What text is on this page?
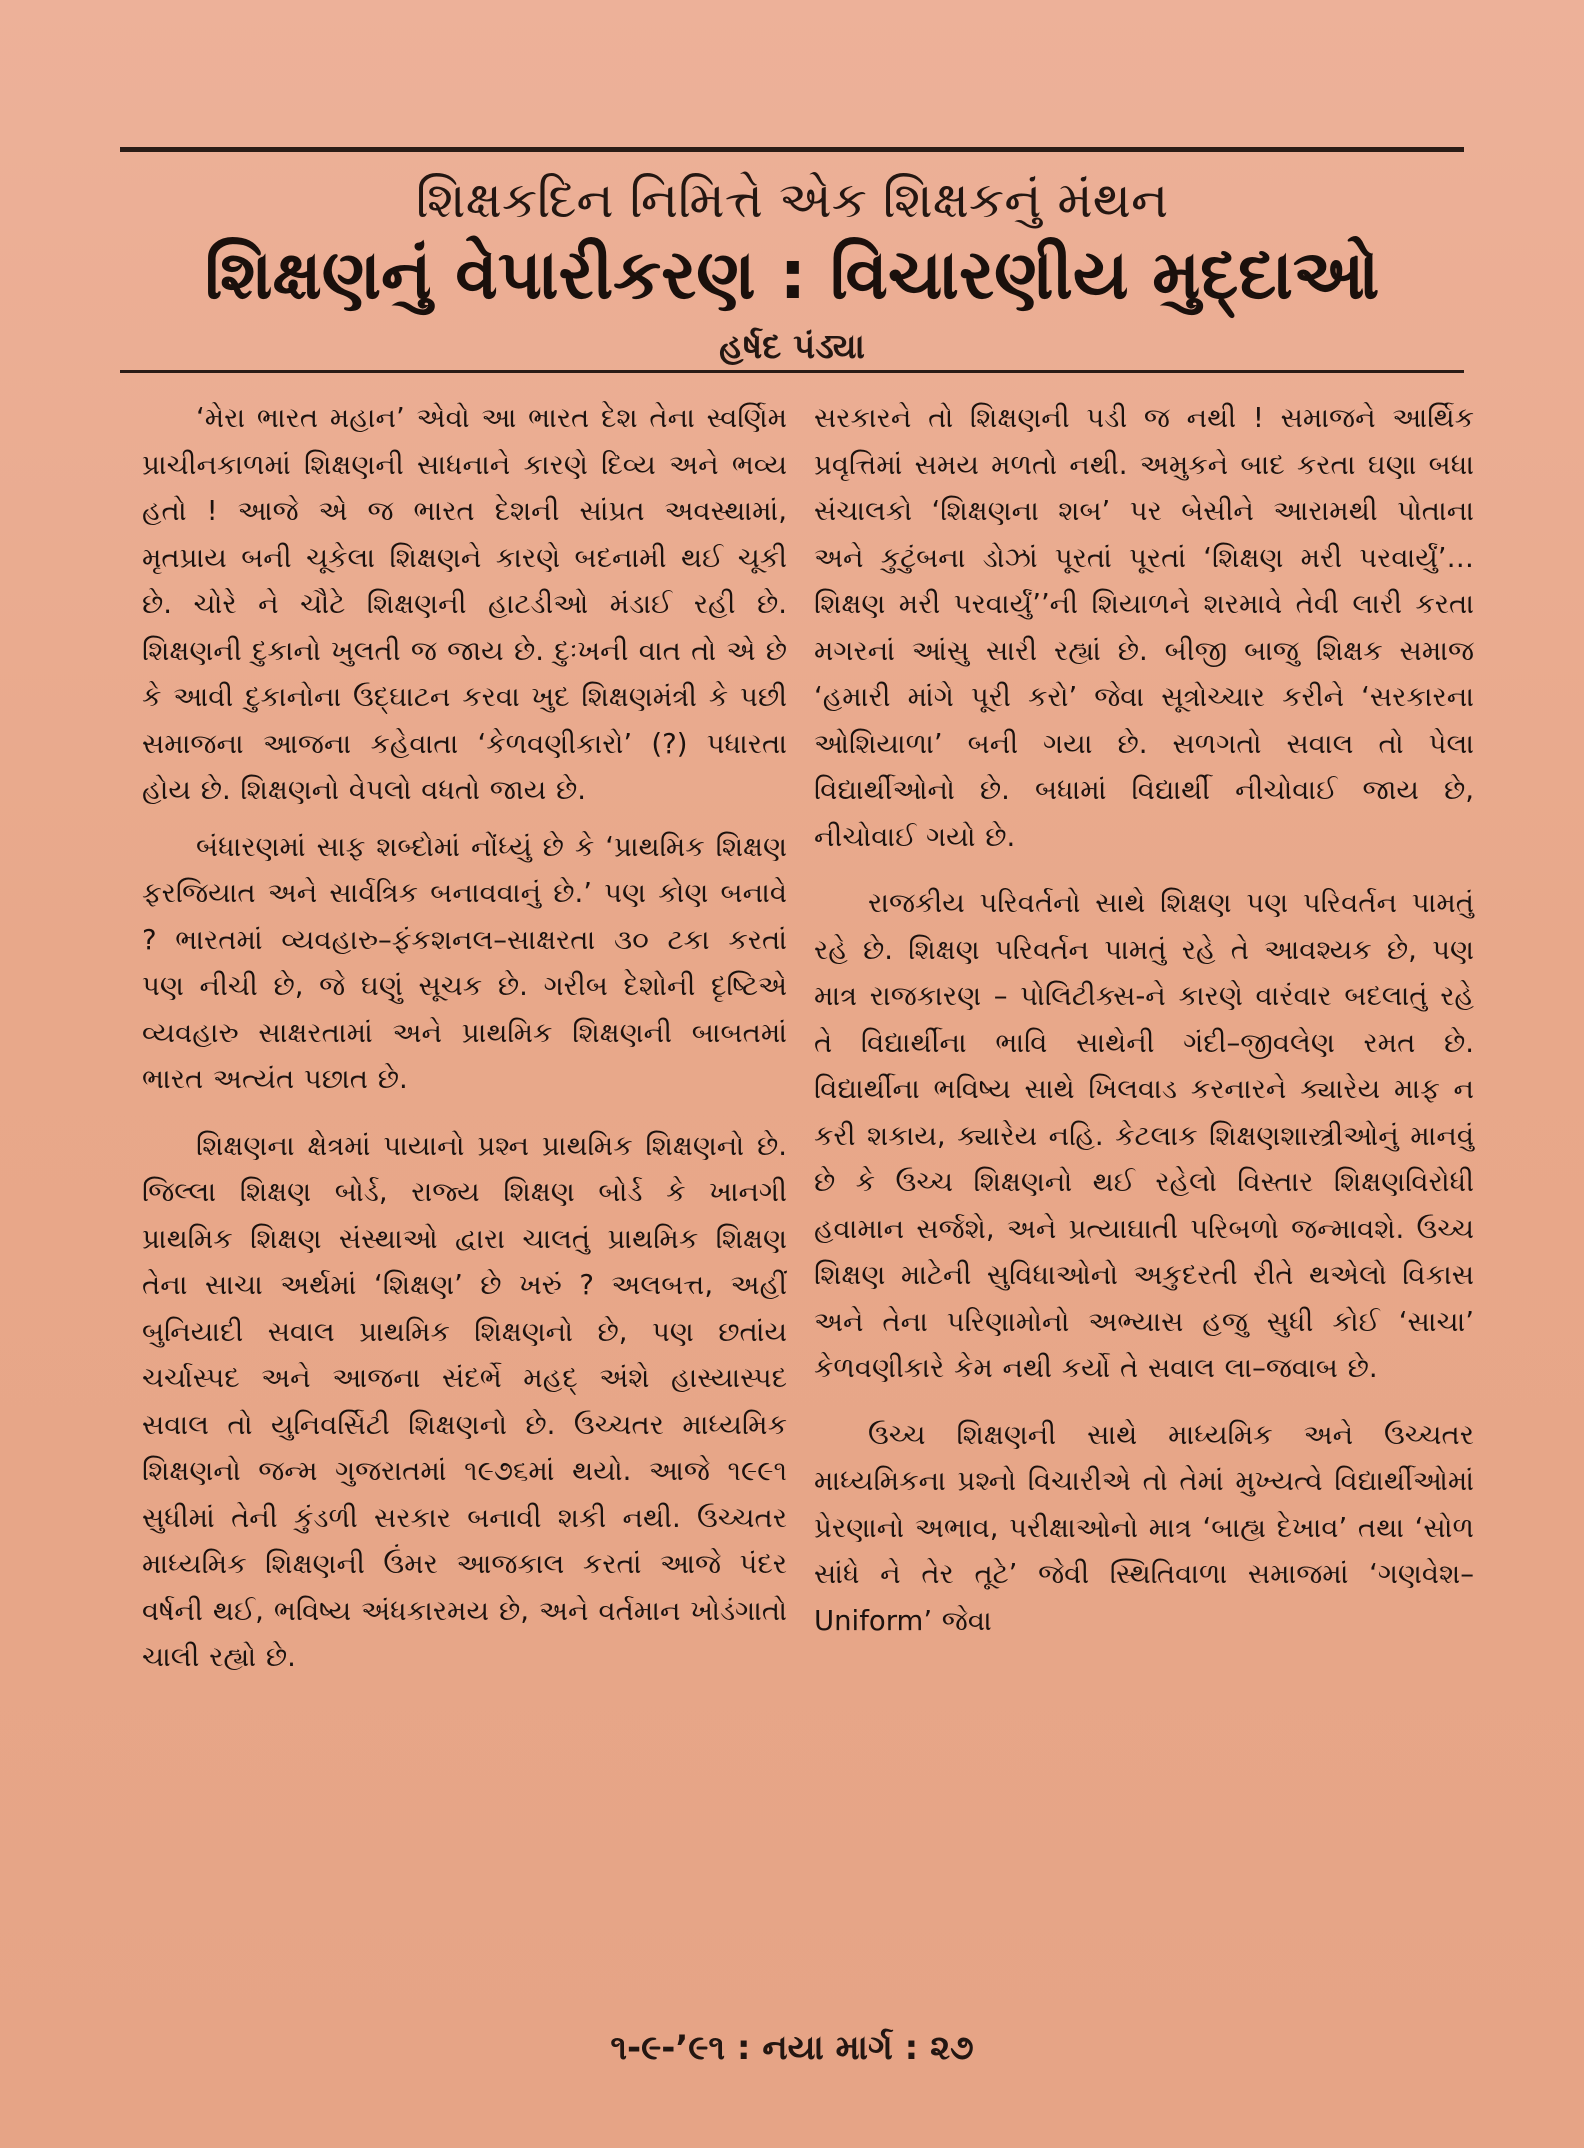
શિક્ષકદિન નિમિત્તે એક શિક્ષકનું મંથન
શિક્ષણનું વેપારીકરણ : વિચારણીય મુદ્દાઓ
હર્ષદ પંડ્યા

‘મેરા ભારત મહાન’ એવો આ ભારત દેશ તેના સ્વર્ણિમ પ્રાચીનકાળમાં શિક્ષણની સાધનાને કારણે દિવ્ય અને ભવ્ય હતો ! આજે એ જ ભારત દેશની સાંપ્રત અવસ્થામાં, મૃતપ્રાય બની ચૂકેલા શિક્ષણને કારણે બદનામી થઈ ચૂકી છે. ચોરે ને ચૌટે શિક્ષણની હાટડીઓ મંડાઈ રહી છે. શિક્ષણની દુકાનો ખુલતી જ જાય છે. દુઃખની વાત તો એ છે કે આવી દુકાનોના ઉદ્‌ઘાટન કરવા ખુદ શિક્ષણમંત્રી કે પછી સમાજના આજના કહેવાતા ‘કેળવણીકારો’ (?) પધારતા હોય છે. શિક્ષણનો વેપલો વધતો જાય છે.

બંધારણમાં સાફ શબ્દોમાં નોંધ્યું છે કે ‘પ્રાથમિક શિક્ષણ ફરજિયાત અને સાર્વત્રિક બનાવવાનું છે.’ પણ કોણ બનાવે ? ભારતમાં વ્યવહારુ–ફંકશનલ–સાક્ષરતા ૩૦ ટકા કરતાં પણ નીચી છે, જે ઘણું સૂચક છે. ગરીબ દેશોની દૃષ્ટિએ વ્યવહારુ સાક્ષરતામાં અને પ્રાથમિક શિક્ષણની બાબતમાં ભારત અત્યંત પછાત છે.

શિક્ષણના ક્ષેત્રમાં પાયાનો પ્રશ્ન પ્રાથમિક શિક્ષણનો છે. જિલ્લા શિક્ષણ બોર્ડ, રાજ્ય શિક્ષણ બોર્ડ કે ખાનગી પ્રાથમિક શિક્ષણ સંસ્થાઓ દ્વારા ચાલતું પ્રાથમિક શિક્ષણ તેના સાચા અર્થમાં ‘શિક્ષણ’ છે ખરું ? અલબત્ત, અહીં બુનિયાદી સવાલ પ્રાથમિક શિક્ષણનો છે, પણ છતાંય ચર્ચાસ્પદ અને આજના સંદર્ભે મહદ્ અંશે હાસ્યાસ્પદ સવાલ તો યુનિવર્સિટી શિક્ષણનો છે. ઉચ્ચતર માધ્યમિક શિક્ષણનો જન્મ ગુજરાતમાં ૧૯૭૬માં થયો. આજે ૧૯૯૧ સુધીમાં તેની કુંડળી સરકાર બનાવી શકી નથી. ઉચ્ચતર માધ્યમિક શિક્ષણની ઉંમર આજકાલ કરતાં આજે પંદર વર્ષની થઈ, ભવિષ્ય અંધકારમય છે, અને વર્તમાન ખોડંગાતો ચાલી રહ્યો છે.

સરકારને તો શિક્ષણની પડી જ નથી ! સમાજને આર્થિક પ્રવૃત્તિમાં સમય મળતો નથી. અમુકને બાદ કરતા ઘણા બધા સંચાલકો ‘શિક્ષણના શબ’ પર બેસીને આરામથી પોતાના અને કુટુંબના ડોઝાં પૂરતાં પૂરતાં ‘શિક્ષણ મરી પરવાર્યું’… શિક્ષણ મરી પરવાર્યું’’ની શિયાળને શરમાવે તેવી લારી કરતા મગરનાં આંસુ સારી રહ્યાં છે. બીજી બાજુ શિક્ષક સમાજ ‘હમારી માંગે પૂરી કરો’ જેવા સૂત્રોચ્ચાર કરીને ‘સરકારના ઓશિયાળા’ બની ગયા છે. સળગતો સવાલ તો પેલા વિદ્યાર્થીઓનો છે. બધામાં વિદ્યાર્થી નીચોવાઈ જાય છે, નીચોવાઈ ગયો છે.

રાજકીય પરિવર્તનો સાથે શિક્ષણ પણ પરિવર્તન પામતું રહે છે. શિક્ષણ પરિવર્તન પામતું રહે તે આવશ્યક છે, પણ માત્ર રાજકારણ – પોલિટીક્સ-ને કારણે વારંવાર બદલાતું રહે તે વિદ્યાર્થીના ભાવિ સાથેની ગંદી–જીવલેણ રમત છે. વિદ્યાર્થીના ભવિષ્ય સાથે ખિલવાડ કરનારને ક્યારેય માફ ન કરી શકાય, ક્યારેય નહિ. કેટલાક શિક્ષણશાસ્ત્રીઓનું માનવું છે કે ઉચ્ચ શિક્ષણનો થઈ રહેલો વિસ્તાર શિક્ષણવિરોધી હવામાન સર્જશે, અને પ્રત્યાઘાતી પરિબળો જન્માવશે. ઉચ્ચ શિક્ષણ માટેની સુવિધાઓનો અકુદરતી રીતે થએલો વિકાસ અને તેના પરિણામોનો અભ્યાસ હજુ સુધી કોઈ ‘સાચા’ કેળવણીકારે કેમ નથી કર્યો તે સવાલ લા–જવાબ છે.

ઉચ્ચ શિક્ષણની સાથે માધ્યમિક અને ઉચ્ચતર માધ્યમિકના પ્રશ્નો વિચારીએ તો તેમાં મુખ્યત્વે વિદ્યાર્થીઓમાં પ્રેરણાનો અભાવ, પરીક્ષાઓનો માત્ર ‘બાહ્ય દેખાવ’ તથા ‘સોળ સાંધે ને તેર તૂટે’ જેવી સ્થિતિવાળા સમાજમાં ‘ગણવેશ–Uniform’ જેવા

૧-૯-’૯૧ : નયા માર્ગ : ૨૭
